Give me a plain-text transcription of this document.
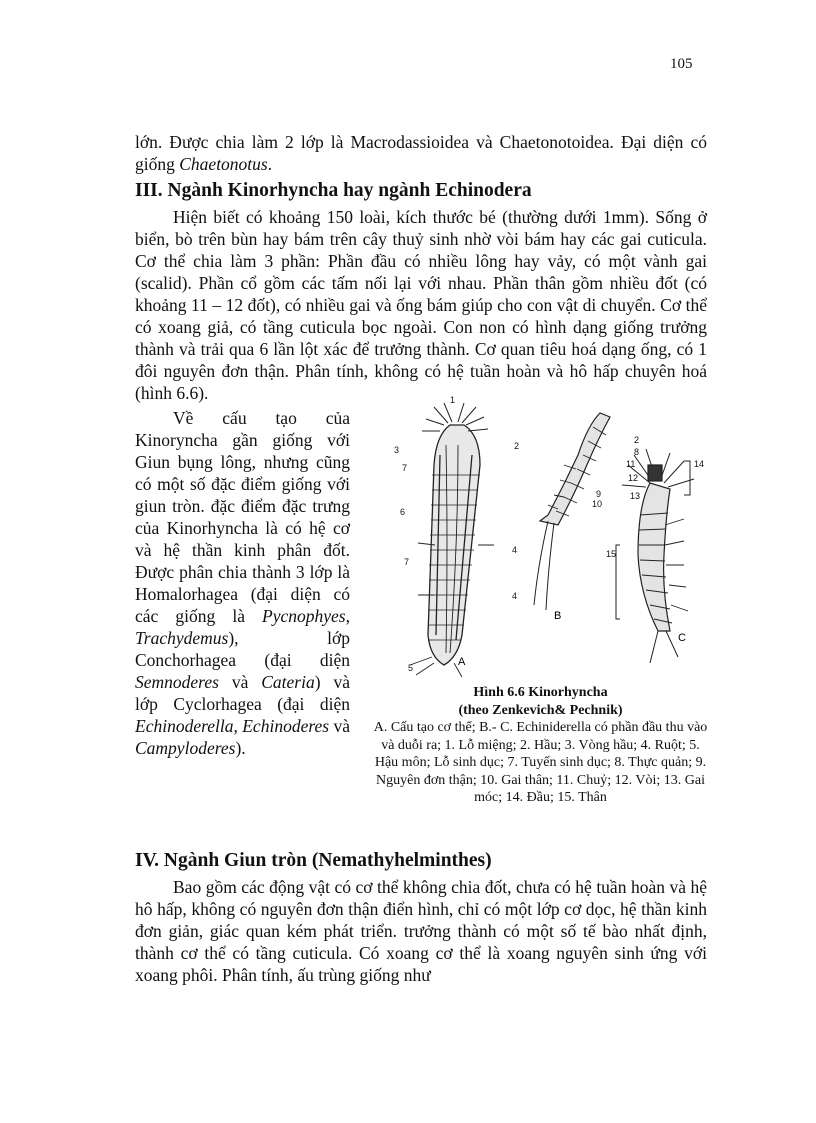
105
lớn. Được chia làm 2 lớp là Macrodassioidea và Chaetonotoidea. Đại diện có giống Chaetonotus.
III. Ngành Kinorhyncha hay ngành Echinodera
Hiện biết có khoảng 150 loài, kích thước bé (thường dưới 1mm). Sống ở biển, bò trên bùn hay bám trên cây thuỷ sinh nhờ vòi bám hay các gai cuticula. Cơ thể chia làm 3 phần: Phần đầu có nhiều lông hay vảy, có một vành gai (scalid). Phần cổ gồm các tấm nối lại với nhau. Phần thân gồm nhiều đốt (có khoảng 11 – 12 đốt), có nhiều gai và ống bám giúp cho con vật di chuyển. Cơ thể có xoang giả, có tầng cuticula bọc ngoài. Con non có hình dạng giống trưởng thành và trải qua 6 lần lột xác để trưởng thành. Cơ quan tiêu hoá dạng ống, có 1 đôi nguyên đơn thận. Phân tính, không có hệ tuần hoàn và hô hấp chuyên hoá (hình 6.6).
Về cấu tạo của Kinoryncha gần giống với Giun bụng lông, nhưng cũng có một số đặc điểm giống với giun tròn. đặc điểm đặc trưng của Kinorhyncha là có hệ cơ và hệ thần kinh phân đốt. Được phân chia thành 3 lớp là Homalorhagea (đại diện có các giống là Pycnophyes, Trachydemus), lớp Conchorhagea (đại diện Semnoderes và Cateria) và lớp Cyclorhagea (đại diện Echinoderella, Echinoderes và Campyloderes).
A
B
C
1
2
3
4
5
6
7
7
4
2
8
11
12
14
13
9
10
15
Hình 6.6 Kinorhyncha
(theo Zenkevich& Pechnik)
A. Cấu tạo cơ thể; B.- C. Echiniderella có phần đầu thu vào và duỗi ra; 1. Lỗ miệng; 2. Hầu; 3. Vòng hầu; 4. Ruột; 5. Hậu môn; Lỗ sinh dục; 7. Tuyến sinh dục; 8. Thực quản; 9. Nguyên đơn thận; 10. Gai thân; 11. Chuỷ; 12. Vòi; 13. Gai móc; 14. Đầu; 15. Thân
IV. Ngành Giun tròn (Nemathyhelminthes)
Bao gồm các động vật có cơ thể không chia đốt, chưa có hệ tuần hoàn và hệ hô hấp, không có nguyên đơn thận điển hình, chỉ có một lớp cơ dọc, hệ thần kinh đơn giản, giác quan kém phát triển. trưởng thành có một số tế bào nhất định, thành cơ thể có tầng cuticula. Có xoang cơ thể là xoang nguyên sinh ứng với xoang phôi. Phân tính, ấu trùng giống như
